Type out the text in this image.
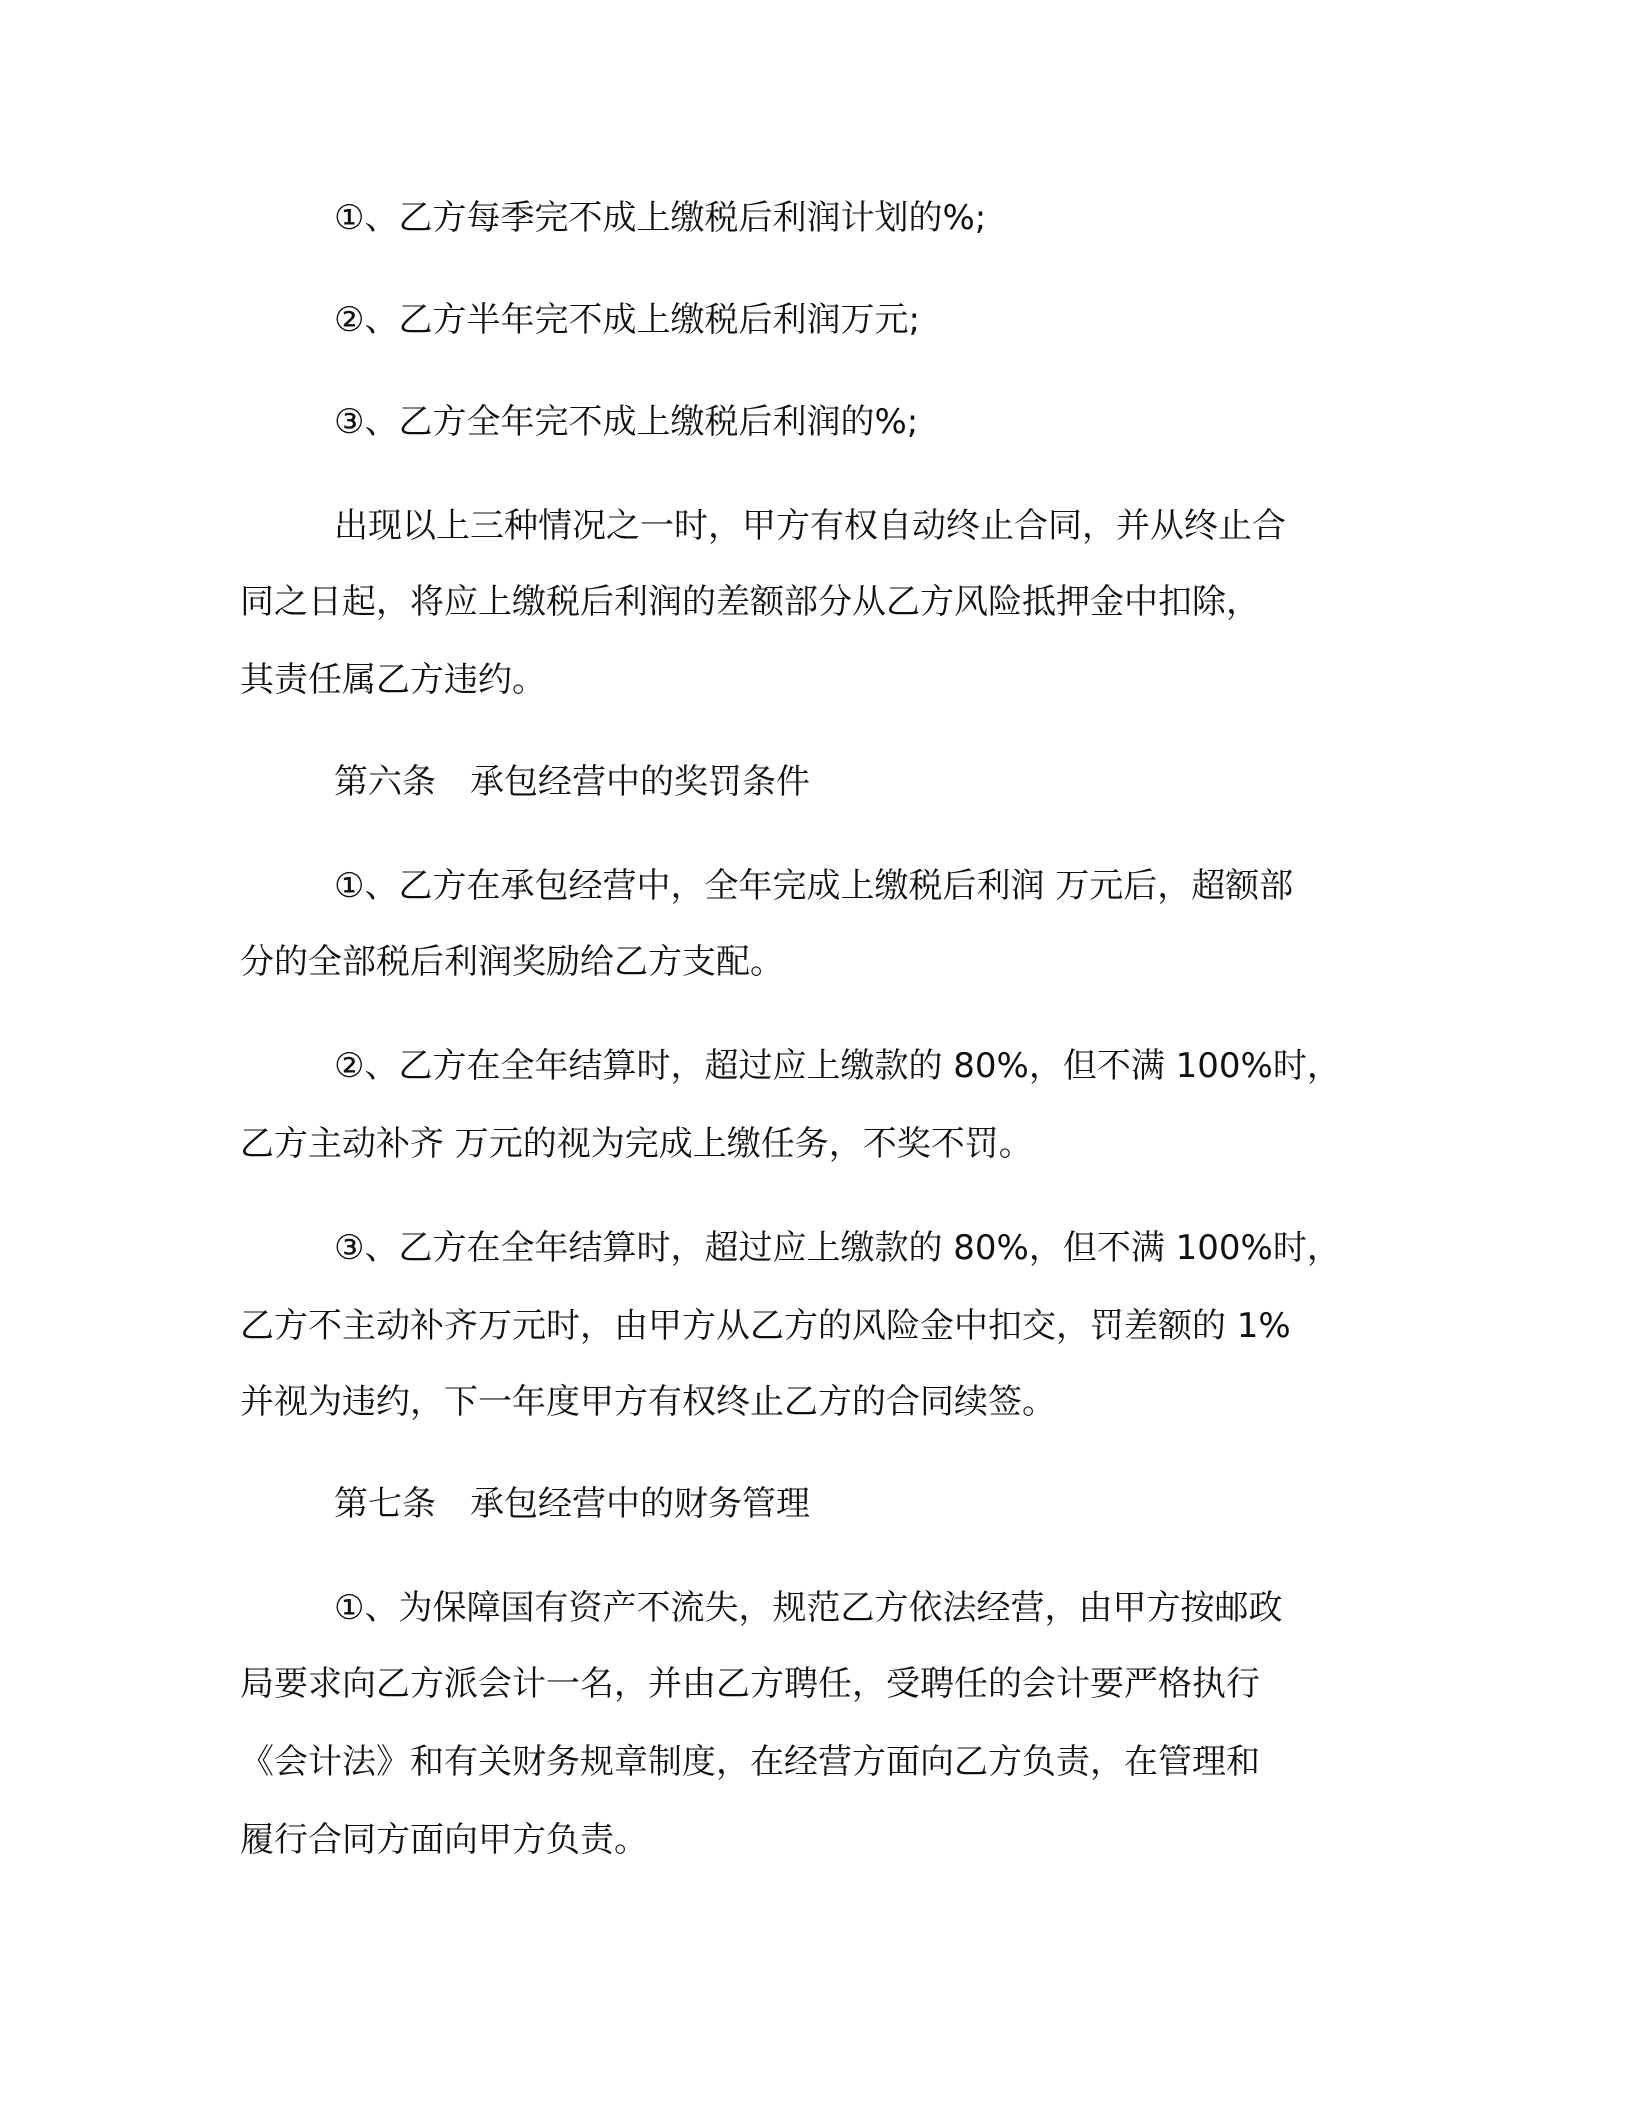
①、乙方每季完不成上缴税后利润计划的%;
②、乙方半年完不成上缴税后利润万元;
③、乙方全年完不成上缴税后利润的%;
出现以上三种情况之一时，甲方有权自动终止合同，并从终止合
同之日起，将应上缴税后利润的差额部分从乙方风险抵押金中扣除，
其责任属乙方违约。
第六条　承包经营中的奖罚条件
①、乙方在承包经营中，全年完成上缴税后利润 万元后，超额部
分的全部税后利润奖励给乙方支配。
②、乙方在全年结算时，超过应上缴款的 80%，但不满 100%时，
乙方主动补齐 万元的视为完成上缴任务，不奖不罚。
③、乙方在全年结算时，超过应上缴款的 80%，但不满 100%时，
乙方不主动补齐万元时，由甲方从乙方的风险金中扣交，罚差额的 1%
并视为违约，下一年度甲方有权终止乙方的合同续签。
第七条　承包经营中的财务管理
①、为保障国有资产不流失，规范乙方依法经营，由甲方按邮政
局要求向乙方派会计一名，并由乙方聘任，受聘任的会计要严格执行
《会计法》和有关财务规章制度，在经营方面向乙方负责，在管理和
履行合同方面向甲方负责。
